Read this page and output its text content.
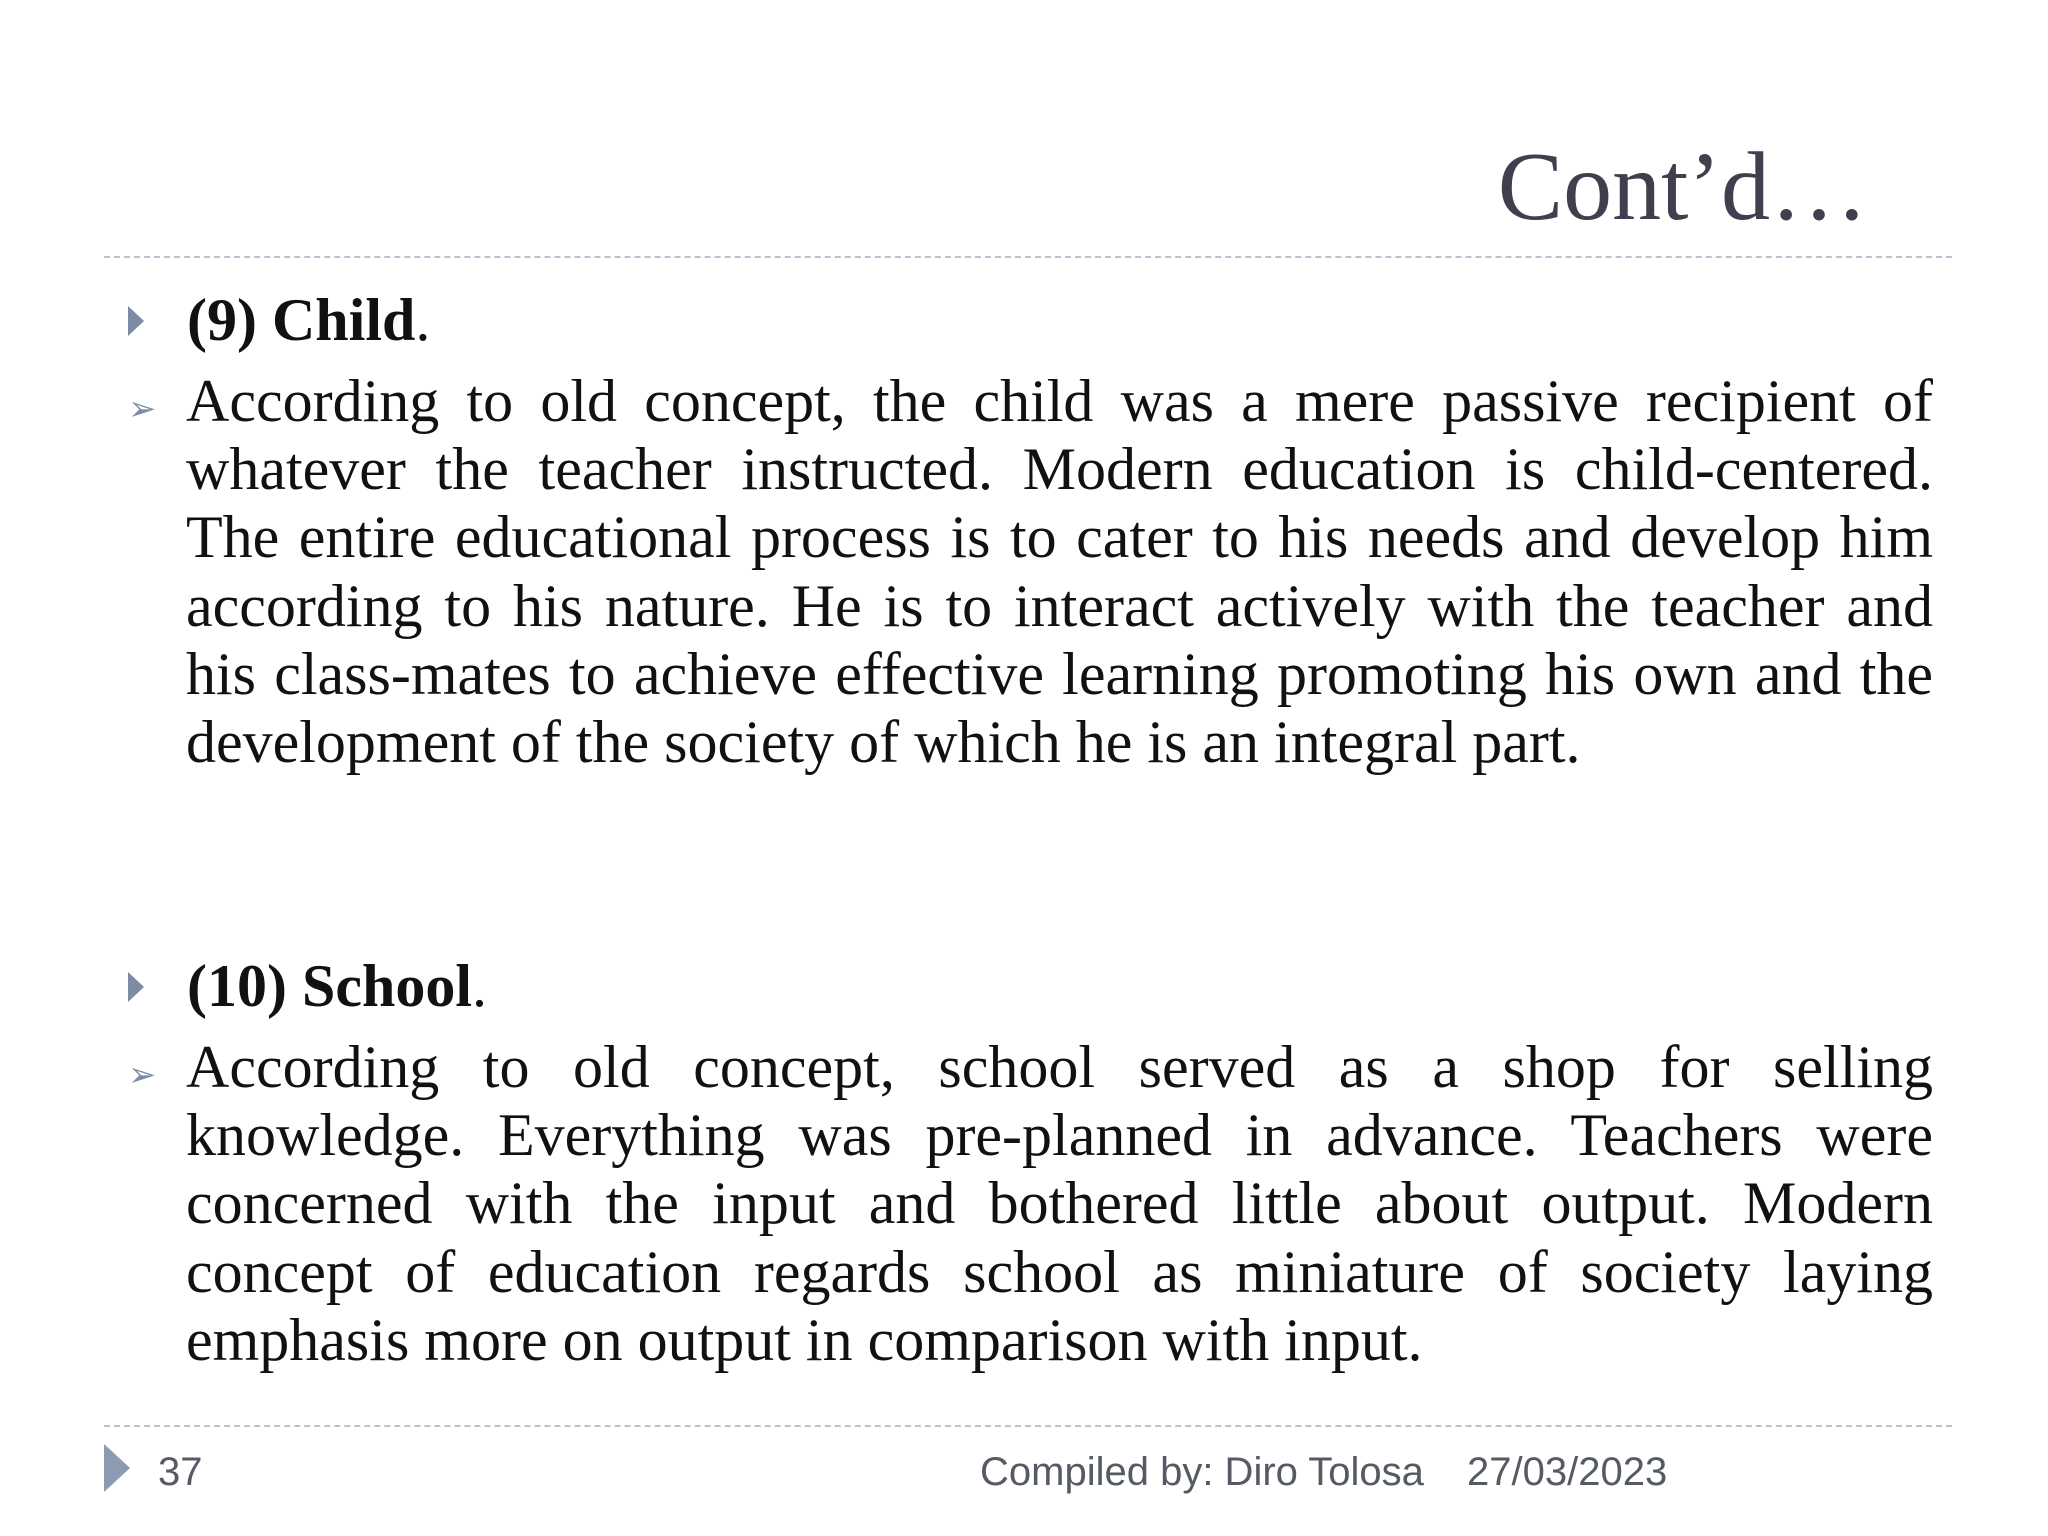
Cont’d…
(9) Child.
➢ According to old concept, the child was a mere passive recipient of whatever the teacher instructed. Modern education is child-centered. The entire educational process is to cater to his needs and develop him according to his nature. He is to interact actively with the teacher and his class-mates to achieve effective learning promoting his own and the development of the society of which he is an integral part.
(10) School.
➢ According to old concept, school served as a shop for selling knowledge. Everything was pre-planned in advance. Teachers were concerned with the input and bothered little about output. Modern concept of education regards school as miniature of society laying emphasis more on output in comparison with input.
37	Compiled by: Diro Tolosa 27/03/2023
